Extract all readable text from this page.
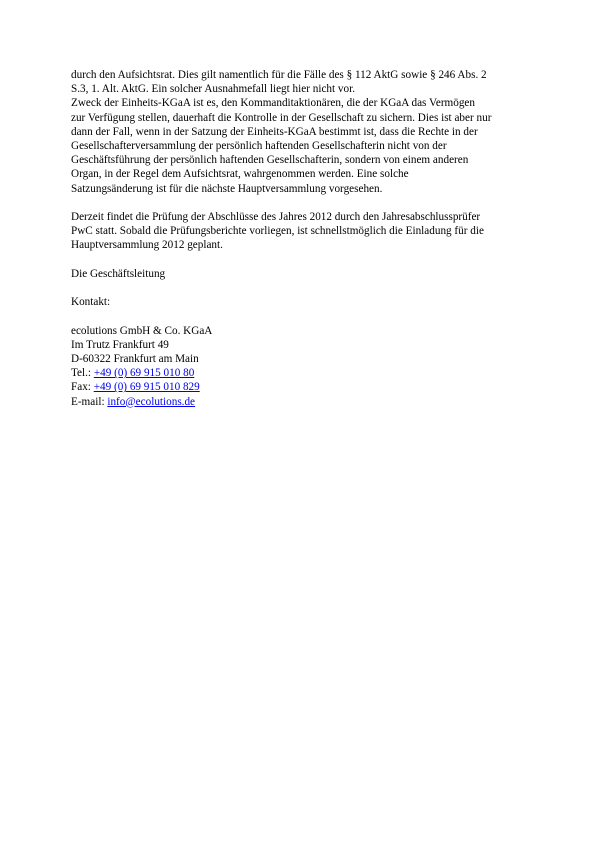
durch den Aufsichtsrat. Dies gilt namentlich für die Fälle des § 112 AktG sowie § 246 Abs. 2
S.3, 1. Alt. AktG. Ein solcher Ausnahmefall liegt hier nicht vor.
Zweck der Einheits-KGaA ist es, den Kommanditaktionären, die der KGaA das Vermögen
zur Verfügung stellen, dauerhaft die Kontrolle in der Gesellschaft zu sichern. Dies ist aber nur
dann der Fall, wenn in der Satzung der Einheits-KGaA bestimmt ist, dass die Rechte in der
Gesellschafterversammlung der persönlich haftenden Gesellschafterin nicht von der
Geschäftsführung der persönlich haftenden Gesellschafterin, sondern von einem anderen
Organ, in der Regel dem Aufsichtsrat, wahrgenommen werden. Eine solche
Satzungsänderung ist für die nächste Hauptversammlung vorgesehen.
Derzeit findet die Prüfung der Abschlüsse des Jahres 2012 durch den Jahresabschlussprüfer
PwC statt. Sobald die Prüfungsberichte vorliegen, ist schnellstmöglich die Einladung für die
Hauptversammlung 2012 geplant.
Die Geschäftsleitung
Kontakt:
ecolutions GmbH & Co. KGaA
Im Trutz Frankfurt 49
D-60322 Frankfurt am Main
Tel.: +49 (0) 69 915 010 80
Fax: +49 (0) 69 915 010 829
E-mail: info@ecolutions.de
